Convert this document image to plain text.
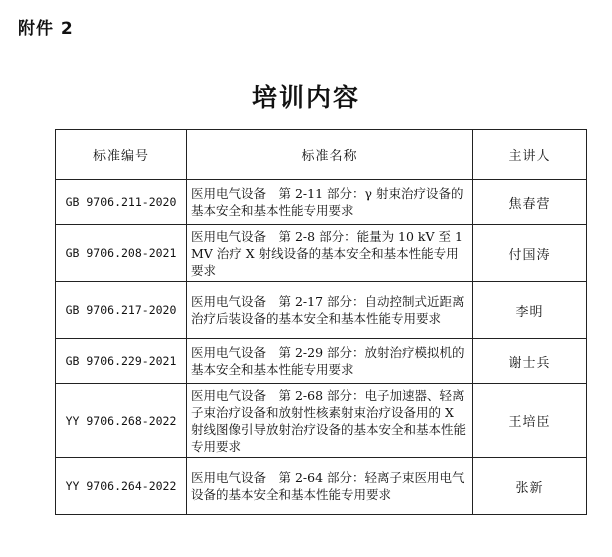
附件 2
培训内容
标准编号	标准名称	主讲人
GB 9706.211-2020	医用电气设备　第 2-11 部分：γ 射束治疗设备的基本安全和基本性能专用要求	焦春营
GB 9706.208-2021	医用电气设备　第 2-8 部分：能量为 10 kV 至 1 MV 治疗 X 射线设备的基本安全和基本性能专用要求	付国涛
GB 9706.217-2020	医用电气设备　第 2-17 部分：自动控制式近距离治疗后装设备的基本安全和基本性能专用要求	李明
GB 9706.229-2021	医用电气设备　第 2-29 部分：放射治疗模拟机的基本安全和基本性能专用要求	谢士兵
YY 9706.268-2022	医用电气设备　第 2-68 部分：电子加速器、轻离子束治疗设备和放射性核素射束治疗设备用的 X 射线图像引导放射治疗设备的基本安全和基本性能专用要求	王培臣
YY 9706.264-2022	医用电气设备　第 2-64 部分：轻离子束医用电气设备的基本安全和基本性能专用要求	张新
